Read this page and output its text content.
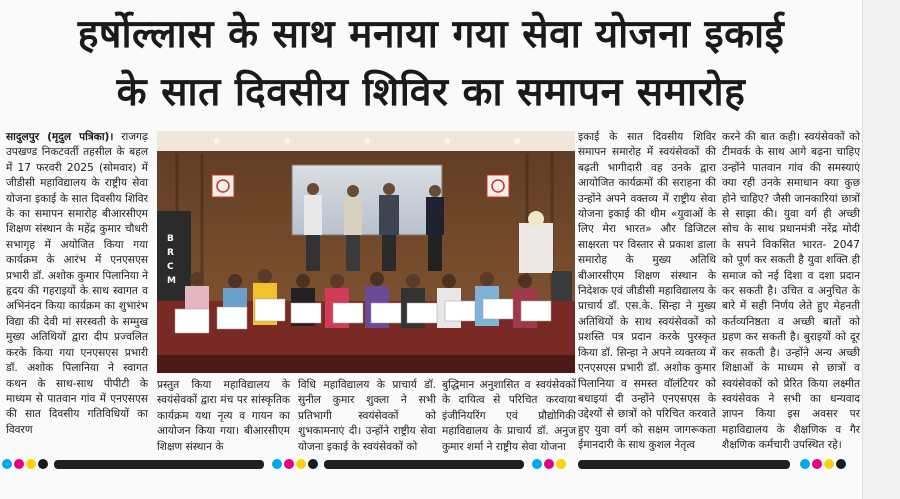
हर्षोल्लास के साथ मनाया गया सेवा योजना इकाई
के सात दिवसीय शिविर का समापन समारोह

सादुलपुर (मृदुल पत्रिका)। राजगढ़ उपखण्ड निकटवर्ती तहसील के बहल में 17 फरवरी 2025 (सोमवार) में जीडीसी महाविद्यालय के राष्ट्रीय सेवा योजना इकाई के सात दिवसीय शिविर के का समापन समारोह बीआरसीएम शिक्षण संस्थान के महेंद्र कुमार चौधरी सभागृह में अयोजित किया गया कार्यक्रम के आरंभ में एनएसएस प्रभारी डॉ. अशोक कुमार पिलानिया ने हृदय की गहराइयों के साथ स्वागत व अभिनंदन किया कार्यक्रम का शुभारंभ विद्या की देवी मां सरस्वती के सम्मुख मुख्य अतिथियों द्वारा दीप प्रज्वलित करके किया गया एनएसएस प्रभारी डॉ. अशोक पिलानिया ने स्वागत कथन के साथ-साथ पीपीटी के माध्यम से पातवान गांव में एनएसएस की सात दिवसीय गतिविधियों का विवरण

B
R
C
M
प्रस्तुत किया महाविद्यालय के स्वयंसेवकों द्वारा मंच पर सांस्कृतिक कार्यक्रम यथा नृत्य व गायन का आयोजन किया गया। बीआरसीएम शिक्षण संस्थान के
विधि महाविद्यालय के प्राचार्य डॉ. सुनील कुमार शुक्ला ने सभी प्रतिभागी स्वयंसेवकों को शुभकामनाएं दी। उन्होंने राष्ट्रीय सेवा योजना इकाई के स्वयंसेवकों को
बुद्धिमान अनुशासित व स्वयंसेवकों के दायित्व से परिचित करवाया इंजीनियरिंग एवं प्रौद्योगिकी महाविद्यालय के प्राचार्य डॉ. अनुज कुमार शर्मा ने राष्ट्रीय सेवा योजना
इकाई के सात दिवसीय शिविर समापन समारोह में स्वयंसेवकों की बढ़ती भागीदारी वह उनके द्वारा आयोजित कार्यक्रमों की सराहना की उन्होंने अपने वक्तव्य में राष्ट्रीय सेवा योजना इकाई की थीम «युवाओं के लिए मेरा भारत» और डिजिटल साक्षरता पर विस्तार से प्रकाश डाला समारोह के मुख्य अतिथि बीआरसीएम शिक्षण संस्थान के निदेशक एवं जीडीसी महाविद्यालय के प्राचार्य डॉ. एस.के. सिन्हा ने मुख्य अतिथियों के साथ स्वयंसेवकों को प्रशस्ति पत्र प्रदान करके पुरस्कृत किया डॉ. सिन्हा ने अपने व्यक्तव्य में एनएसएस प्रभारी डॉ. अशोक कुमार पिलानिया व समस्त वॉलंटियर को बधाइयां दी उन्होंने एनएसएस के उद्देश्यों से छात्रों को परिचित करवाते हुए युवा वर्ग को सक्षम जागरूकता ईमानदारी के साथ कुशल नेतृत्व
करने की बात कही। स्वयंसेवकों को टीमवर्क के साथ आगे बढ़ना चाहिए उन्होंने पातवान गांव की समस्याएं क्या रही उनके समाधान क्या कुछ होने चाहिए? जैसी जानकारियां छात्रों से साझा की। युवा वर्ग ही अच्छी सोच के साथ प्रधानमंत्री नरेंद्र मोदी के सपने विकसित भारत- 2047 को पूर्ण कर सकती है युवा शक्ति ही समाज को नई दिशा व दशा प्रदान कर सकती है। उचित व अनुचित के बारे में सही निर्णय लेते हुए मेहनती कर्तव्यनिष्ठता व अच्छी बातों को ग्रहण कर सकती है। बुराइयों को दूर कर सकती है। उन्होंने अन्य अच्छी शिक्षाओं के माध्यम से छात्रों व स्वयंसेवकों को प्रेरित किया लक्ष्मीत स्वयंसेवक ने सभी का धन्यवाद ज्ञापन किया इस अवसर पर महाविद्यालय के शैक्षणिक व गैर शैक्षणिक कर्मचारी उपस्थित रहे।
